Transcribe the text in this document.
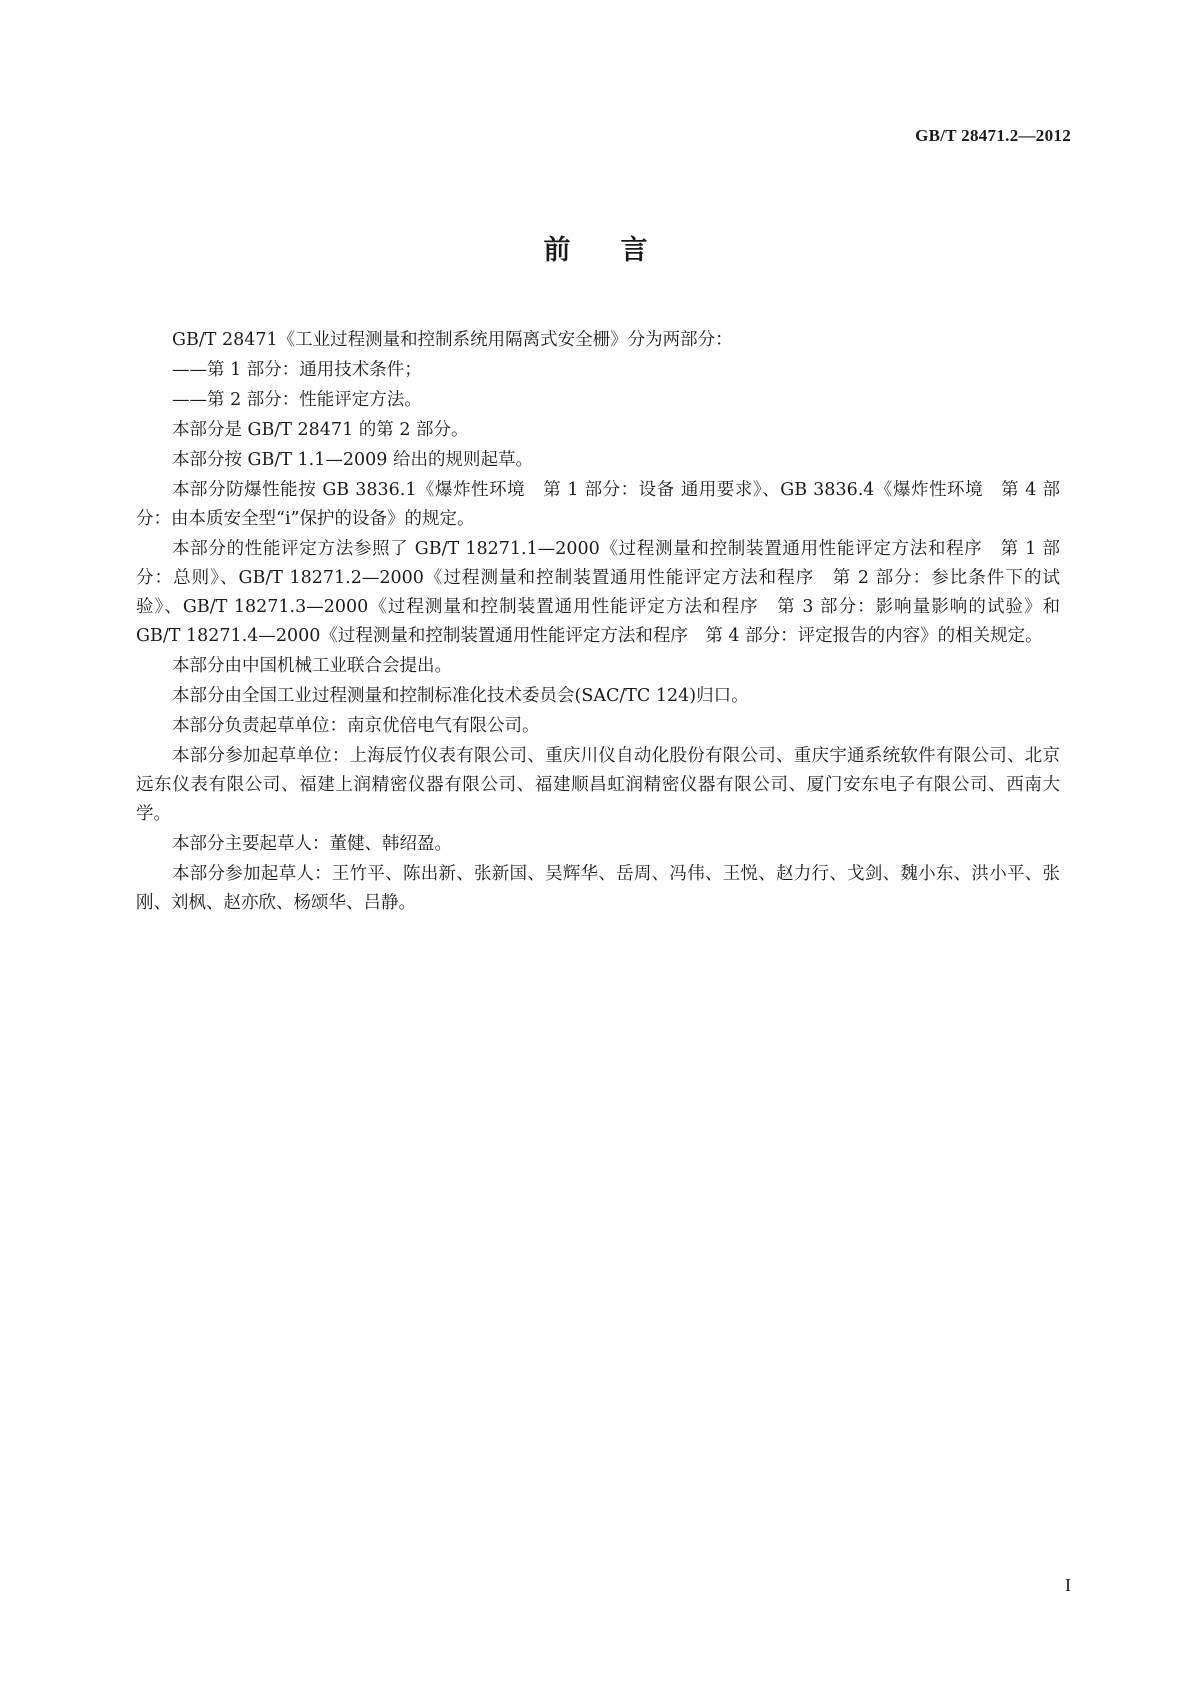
GB/T 28471.2—2012
前言

GB/T 28471《工业过程测量和控制系统用隔离式安全栅》分为两部分：

——第 1 部分：通用技术条件；

——第 2 部分：性能评定方法。

本部分是 GB/T 28471 的第 2 部分。

本部分按 GB/T 1.1—2009 给出的规则起草。

本部分防爆性能按 GB 3836.1《爆炸性环境　第 1 部分：设备 通用要求》、GB 3836.4《爆炸性环境　第 4 部分：由本质安全型“i”保护的设备》的规定。

本部分的性能评定方法参照了 GB/T 18271.1—2000《过程测量和控制装置通用性能评定方法和程序　第 1 部分：总则》、GB/T 18271.2—2000《过程测量和控制装置通用性能评定方法和程序　第 2 部分：参比条件下的试验》、GB/T 18271.3—2000《过程测量和控制装置通用性能评定方法和程序　第 3 部分：影响量影响的试验》和 GB/T 18271.4—2000《过程测量和控制装置通用性能评定方法和程序　第 4 部分：评定报告的内容》的相关规定。

本部分由中国机械工业联合会提出。

本部分由全国工业过程测量和控制标准化技术委员会(SAC/TC 124)归口。

本部分负责起草单位：南京优倍电气有限公司。

本部分参加起草单位：上海辰竹仪表有限公司、重庆川仪自动化股份有限公司、重庆宇通系统软件有限公司、北京远东仪表有限公司、福建上润精密仪器有限公司、福建顺昌虹润精密仪器有限公司、厦门安东电子有限公司、西南大学。

本部分主要起草人：董健、韩绍盈。

本部分参加起草人：王竹平、陈出新、张新国、吴辉华、岳周、冯伟、王悦、赵力行、戈剑、魏小东、洪小平、张刚、刘枫、赵亦欣、杨颂华、吕静。

I
